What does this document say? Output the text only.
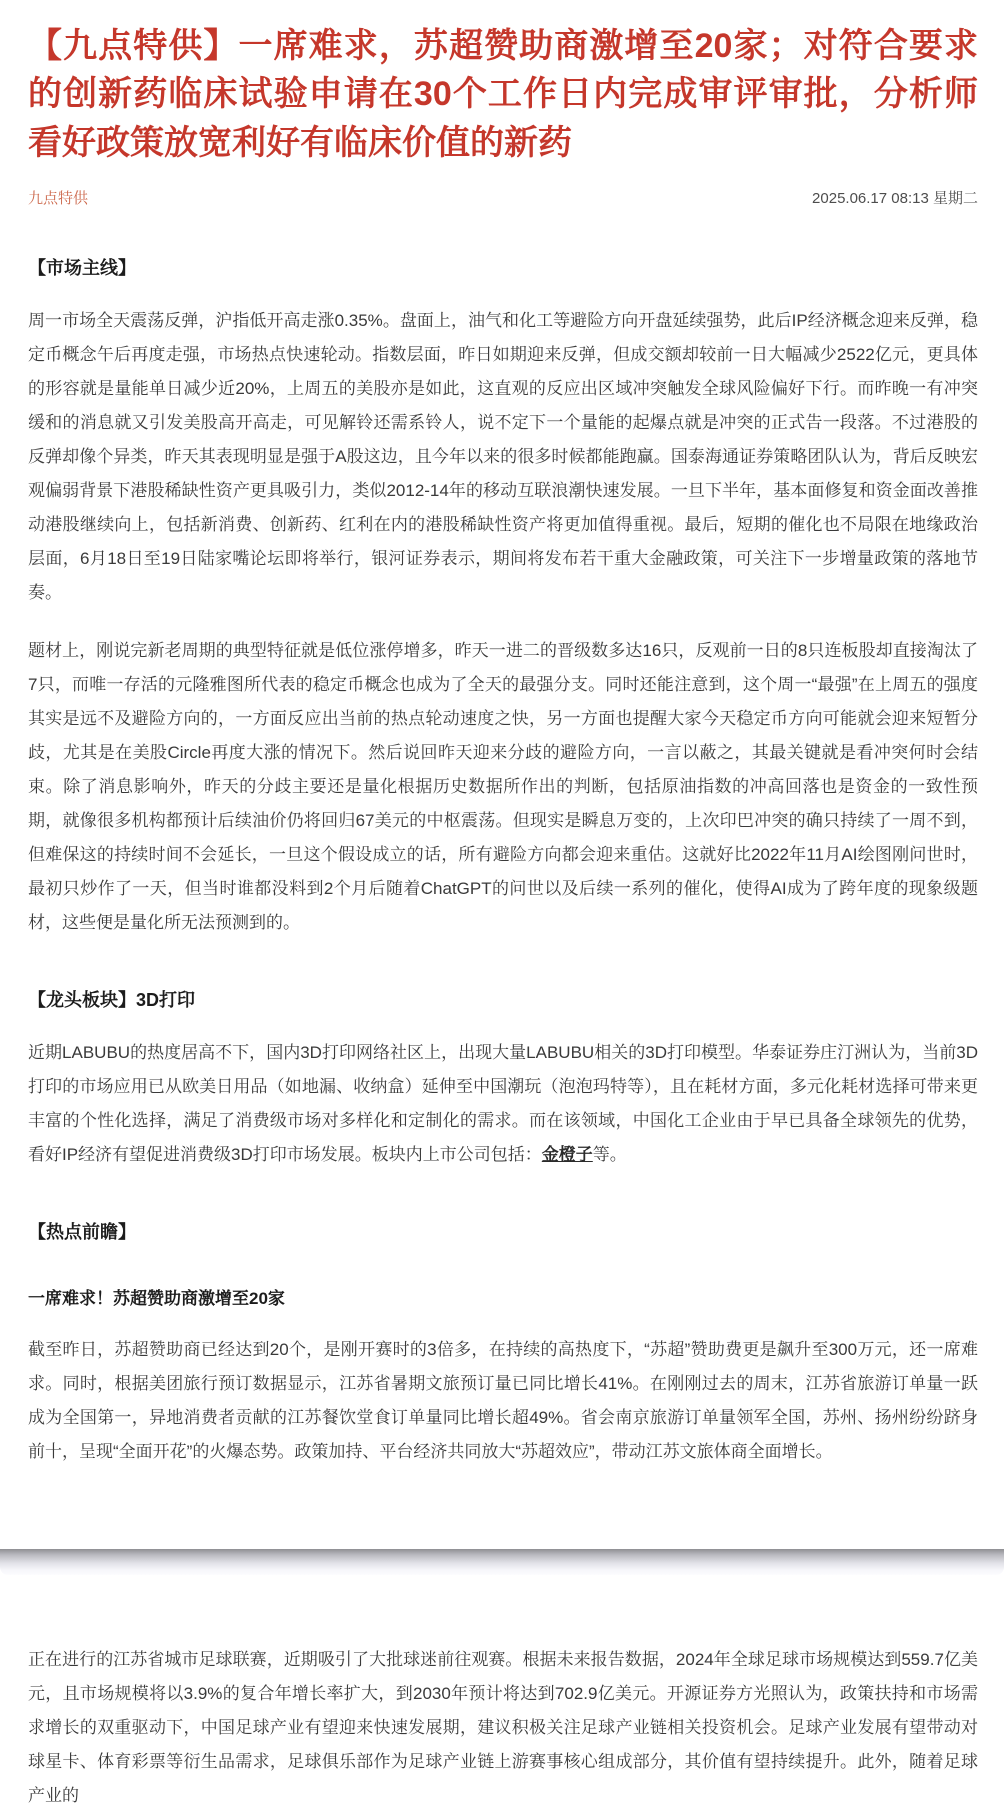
【九点特供】一席难求，苏超赞助商激增至20家；对符合要求的创新药临床试验申请在30个工作日内完成审评审批，分析师看好政策放宽利好有临床价值的新药
九点特供	2025.06.17 08:13 星期二
【市场主线】

周一市场全天震荡反弹，沪指低开高走涨0.35%。盘面上，油气和化工等避险方向开盘延续强势，此后IP经济概念迎来反弹，稳定币概念午后再度走强，市场热点快速轮动。指数层面，昨日如期迎来反弹，但成交额却较前一日大幅减少2522亿元，更具体的形容就是量能单日减少近20%，上周五的美股亦是如此，这直观的反应出区域冲突触发全球风险偏好下行。而昨晚一有冲突缓和的消息就又引发美股高开高走，可见解铃还需系铃人，说不定下一个量能的起爆点就是冲突的正式告一段落。不过港股的反弹却像个异类，昨天其表现明显是强于A股这边，且今年以来的很多时候都能跑赢。国泰海通证券策略团队认为，背后反映宏观偏弱背景下港股稀缺性资产更具吸引力，类似2012-14年的移动互联浪潮快速发展。一旦下半年，基本面修复和资金面改善推动港股继续向上，包括新消费、创新药、红利在内的港股稀缺性资产将更加值得重视。最后，短期的催化也不局限在地缘政治层面，6月18日至19日陆家嘴论坛即将举行，银河证券表示，期间将发布若干重大金融政策，可关注下一步增量政策的落地节奏。

题材上，刚说完新老周期的典型特征就是低位涨停增多，昨天一进二的晋级数多达16只，反观前一日的8只连板股却直接淘汰了7只，而唯一存活的元隆雅图所代表的稳定币概念也成为了全天的最强分支。同时还能注意到，这个周一“最强”在上周五的强度其实是远不及避险方向的，一方面反应出当前的热点轮动速度之快，另一方面也提醒大家今天稳定币方向可能就会迎来短暂分歧，尤其是在美股Circle再度大涨的情况下。然后说回昨天迎来分歧的避险方向，一言以蔽之，其最关键就是看冲突何时会结束。除了消息影响外，昨天的分歧主要还是量化根据历史数据所作出的判断，包括原油指数的冲高回落也是资金的一致性预期，就像很多机构都预计后续油价仍将回归67美元的中枢震荡。但现实是瞬息万变的，上次印巴冲突的确只持续了一周不到，但难保这的持续时间不会延长，一旦这个假设成立的话，所有避险方向都会迎来重估。这就好比2022年11月AI绘图刚问世时，最初只炒作了一天，但当时谁都没料到2个月后随着ChatGPT的问世以及后续一系列的催化，使得AI成为了跨年度的现象级题材，这些便是量化所无法预测到的。

【龙头板块】3D打印

近期LABUBU的热度居高不下，国内3D打印网络社区上，出现大量LABUBU相关的3D打印模型。华泰证券庄汀洲认为，当前3D打印的市场应用已从欧美日用品（如地漏、收纳盒）延伸至中国潮玩（泡泡玛特等），且在耗材方面，多元化耗材选择可带来更丰富的个性化选择，满足了消费级市场对多样化和定制化的需求。而在该领域，中国化工企业由于早已具备全球领先的优势，看好IP经济有望促进消费级3D打印市场发展。板块内上市公司包括：金橙子等。

【热点前瞻】
一席难求！苏超赞助商激增至20家

截至昨日，苏超赞助商已经达到20个，是刚开赛时的3倍多，在持续的高热度下，“苏超”赞助费更是飙升至300万元，还一席难求。同时，根据美团旅行预订数据显示，江苏省暑期文旅预订量已同比增长41%。在刚刚过去的周末，江苏省旅游订单量一跃成为全国第一，异地消费者贡献的江苏餐饮堂食订单量同比增长超49%。省会南京旅游订单量领军全国，苏州、扬州纷纷跻身前十，呈现“全面开花”的火爆态势。政策加持、平台经济共同放大“苏超效应”，带动江苏文旅体商全面增长。

正在进行的江苏省城市足球联赛，近期吸引了大批球迷前往观赛。根据未来报告数据，2024年全球足球市场规模达到559.7亿美元，且市场规模将以3.9%的复合年增长率扩大，到2030年预计将达到702.9亿美元。开源证券方光照认为，政策扶持和市场需求增长的双重驱动下，中国足球产业有望迎来快速发展期，建议积极关注足球产业链相关投资机会。足球产业发展有望带动对球星卡、体育彩票等衍生品需求，足球俱乐部作为足球产业链上游赛事核心组成部分，其价值有望持续提升。此外，随着足球产业的
